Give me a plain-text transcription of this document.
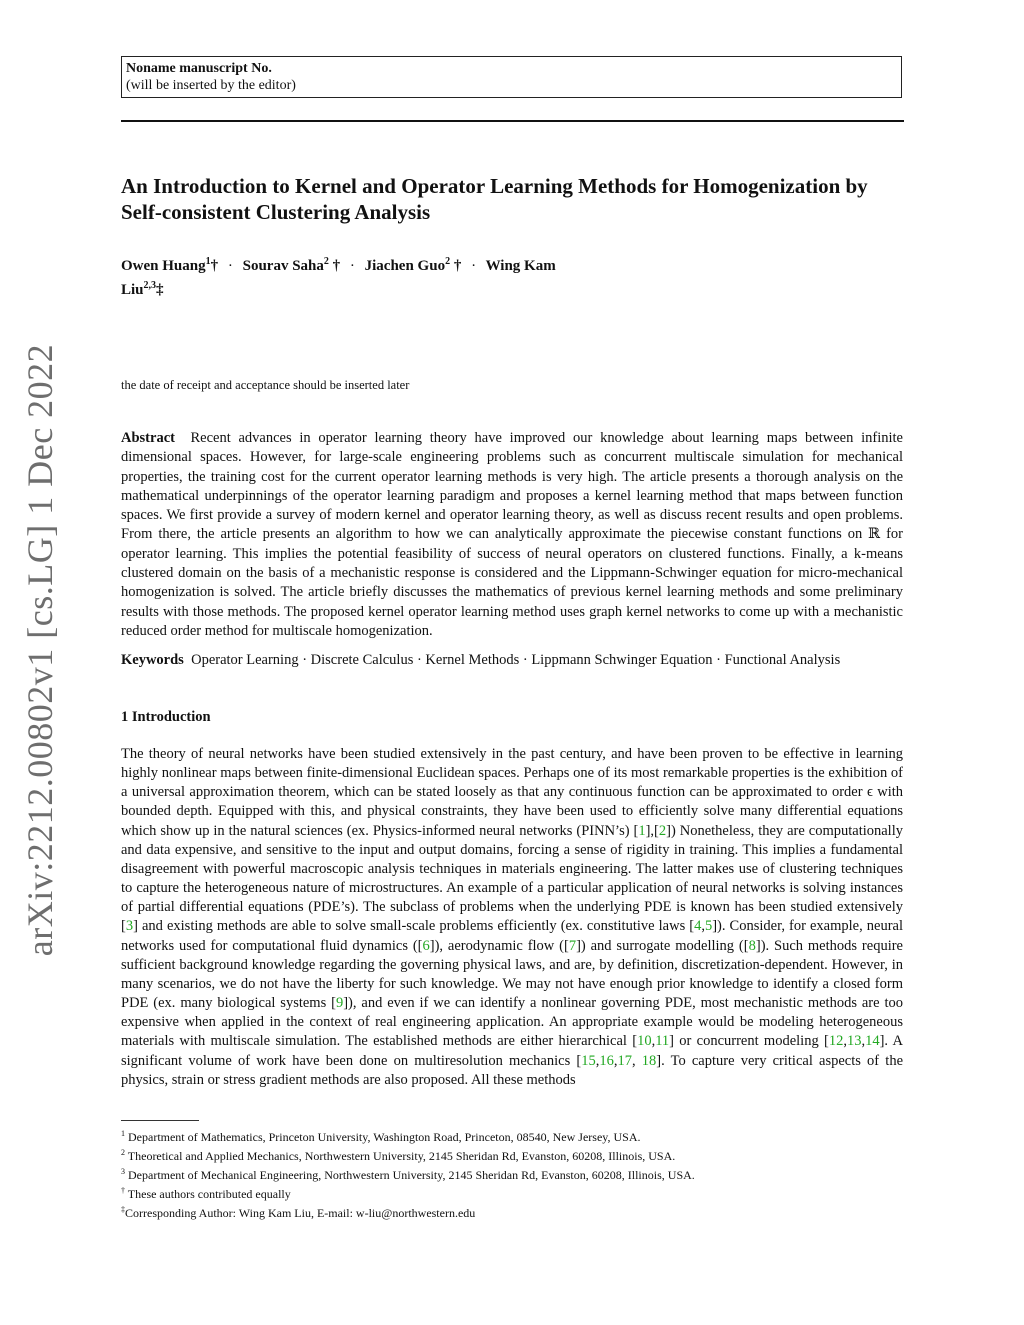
arXiv:2212.00802v1 [cs.LG] 1 Dec 2022
Noname manuscript No.
(will be inserted by the editor)
An Introduction to Kernel and Operator Learning Methods for Homogenization by Self-consistent Clustering Analysis
Owen Huang$^1$† · Sourav Saha$^2$ † · Jiachen Guo$^2$ † · Wing Kam
Liu$^{2,3}$‡
the date of receipt and acceptance should be inserted later
Abstract Recent advances in operator learning theory have improved our knowledge about learning maps between infinite dimensional spaces. However, for large-scale engineering problems such as concurrent multiscale simulation for mechanical properties, the training cost for the current operator learning methods is very high. The article presents a thorough analysis on the mathematical underpinnings of the operator learning paradigm and proposes a kernel learning method that maps between function spaces. We first provide a survey of modern kernel and operator learning theory, as well as discuss recent results and open problems. From there, the article presents an algorithm to how we can analytically approximate the piecewise constant functions on ℝ for operator learning. This implies the potential feasibility of success of neural operators on clustered functions. Finally, a k-means clustered domain on the basis of a mechanistic response is considered and the Lippmann-Schwinger equation for micro-mechanical homogenization is solved. The article briefly discusses the mathematics of previous kernel learning methods and some preliminary results with those methods. The proposed kernel operator learning method uses graph kernel networks to come up with a mechanistic reduced order method for multiscale homogenization.
Keywords Operator Learning · Discrete Calculus · Kernel Methods · Lippmann Schwinger Equation · Functional Analysis
1 Introduction
The theory of neural networks have been studied extensively in the past century, and have been proven to be effective in learning highly nonlinear maps between finite-dimensional Euclidean spaces. Perhaps one of its most remarkable properties is the exhibition of a universal approximation theorem, which can be stated loosely as that any continuous function can be approximated to order ϵ with bounded depth. Equipped with this, and physical constraints, they have been used to efficiently solve many differential equations which show up in the natural sciences (ex. Physics-informed neural networks (PINN’s) [1],[2]) Nonetheless, they are computationally and data expensive, and sensitive to the input and output domains, forcing a sense of rigidity in training. This implies a fundamental disagreement with powerful macroscopic analysis techniques in materials engineering. The latter makes use of clustering techniques to capture the heterogeneous nature of microstructures. An example of a particular application of neural networks is solving instances of partial differential equations (PDE’s). The subclass of problems when the underlying PDE is known has been studied extensively [3] and existing methods are able to solve small-scale problems efficiently (ex. constitutive laws [4,5]). Consider, for example, neural networks used for computational fluid dynamics ([6]), aerodynamic flow ([7]) and surrogate modelling ([8]). Such methods require sufficient background knowledge regarding the governing physical laws, and are, by definition, discretization-dependent. However, in many scenarios, we do not have the liberty for such knowledge. We may not have enough prior knowledge to identify a closed form PDE (ex. many biological systems [9]), and even if we can identify a nonlinear governing PDE, most mechanistic methods are too expensive when applied in the context of real engineering application. An appropriate example would be modeling heterogeneous materials with multiscale simulation. The established methods are either hierarchical [10,11] or concurrent modeling [12,13,14]. A significant volume of work have been done on multiresolution mechanics [15,16,17, 18]. To capture very critical aspects of the physics, strain or stress gradient methods are also proposed. All these methods
$^1$ Department of Mathematics, Princeton University, Washington Road, Princeton, 08540, New Jersey, USA.
$^2$ Theoretical and Applied Mechanics, Northwestern University, 2145 Sheridan Rd, Evanston, 60208, Illinois, USA.
$^3$ Department of Mechanical Engineering, Northwestern University, 2145 Sheridan Rd, Evanston, 60208, Illinois, USA.
† These authors contributed equally
‡Corresponding Author: Wing Kam Liu, E-mail: w-liu@northwestern.edu
